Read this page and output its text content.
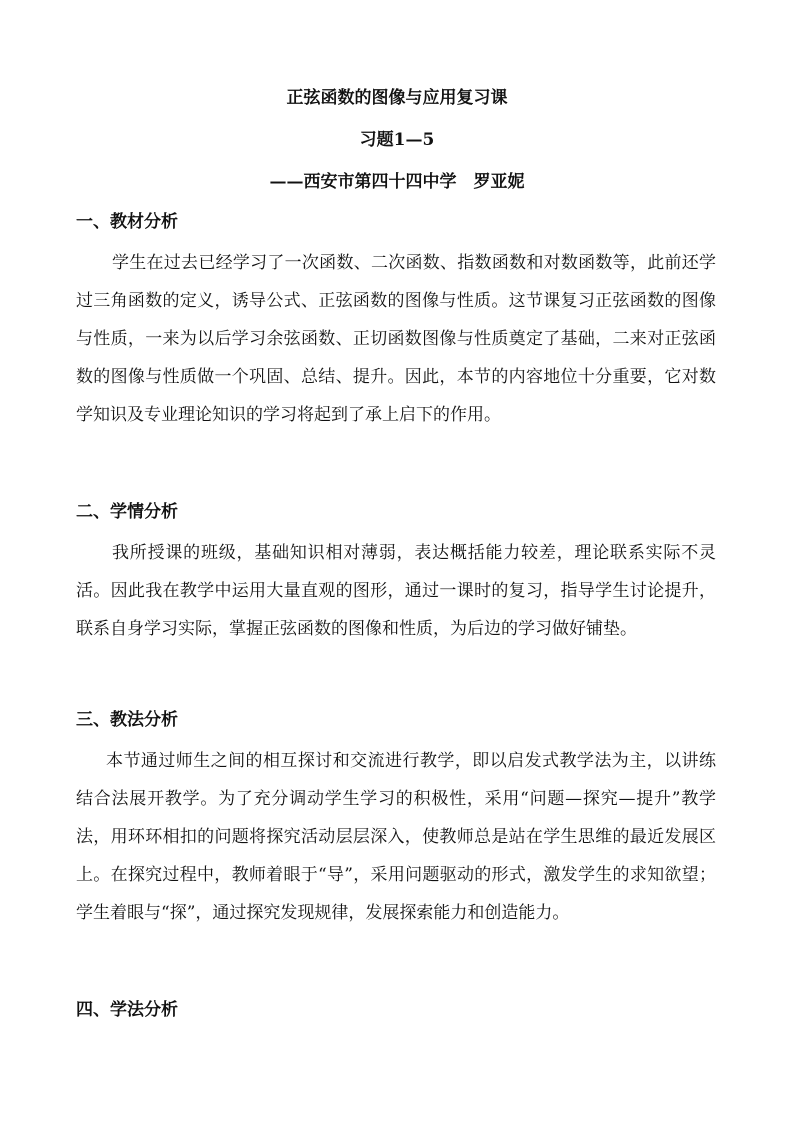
正弦函数的图像与应用复习课
习题1—5
——西安市第四十四中学　罗亚妮
一、教材分析

学生在过去已经学习了一次函数、二次函数、指数函数和对数函数等，此前还学过三角函数的定义，诱导公式、正弦函数的图像与性质。这节课复习正弦函数的图像与性质，一来为以后学习余弦函数、正切函数图像与性质奠定了基础，二来对正弦函数的图像与性质做一个巩固、总结、提升。因此，本节的内容地位十分重要，它对数学知识及专业理论知识的学习将起到了承上启下的作用。

二、学情分析

我所授课的班级，基础知识相对薄弱，表达概括能力较差，理论联系实际不灵活。因此我在教学中运用大量直观的图形，通过一课时的复习，指导学生讨论提升，联系自身学习实际，掌握正弦函数的图像和性质，为后边的学习做好铺垫。

三、教法分析

本节通过师生之间的相互探讨和交流进行教学，即以启发式教学法为主，以讲练结合法展开教学。为了充分调动学生学习的积极性，采用“问题—探究—提升”教学法，用环环相扣的问题将探究活动层层深入，使教师总是站在学生思维的最近发展区上。在探究过程中，教师着眼于“导”，采用问题驱动的形式，激发学生的求知欲望；学生着眼与“探”，通过探究发现规律，发展探索能力和创造能力。

四、学法分析
